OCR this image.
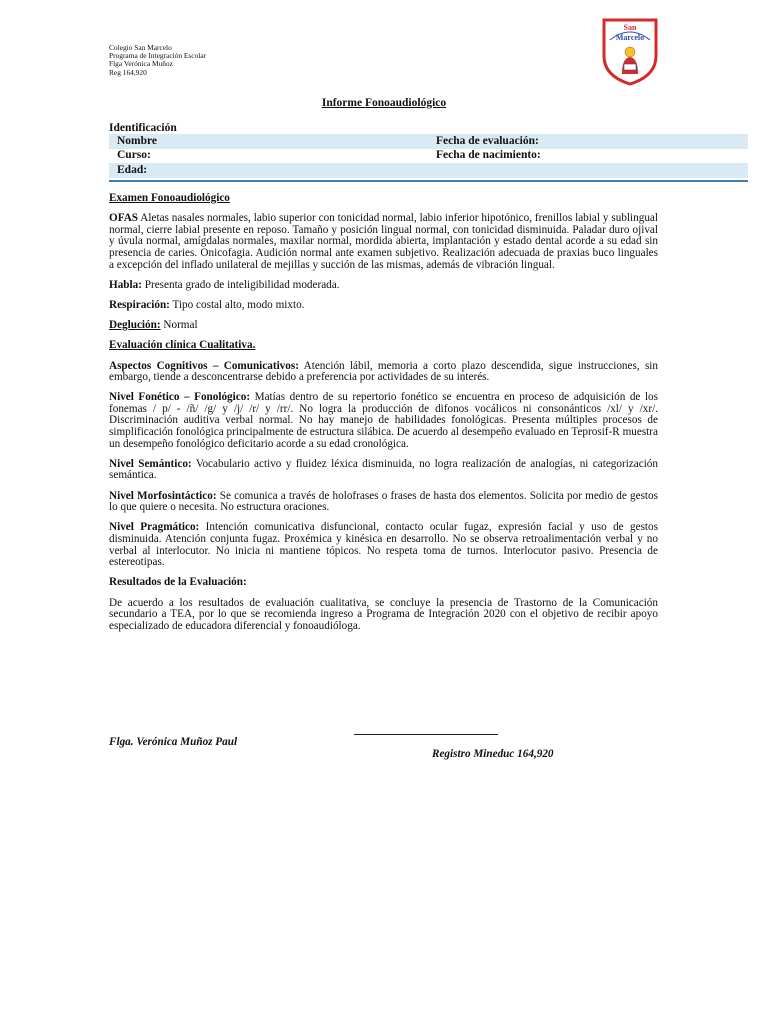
Colegio San Marcelo
Programa de Integración Escolar
Flga Verónica Muñoz
Reg 164,920
San
Marcelo
Informe Fonoaudiológico
Identificación
Nombre	Fecha de evaluación:
Curso:	Fecha de nacimiento:
Edad:

Examen Fonoaudiológico

OFAS Aletas nasales normales, labio superior con tonicidad normal, labio inferior hipotónico, frenillos labial y sublingual normal, cierre labial presente en reposo. Tamaño y posición lingual normal, con tonicidad disminuida. Paladar duro ojival y úvula normal, amígdalas normales, maxilar normal, mordida abierta, implantación y estado dental acorde a su edad sin presencia de caries. Onicofagia. Audición normal ante examen subjetivo. Realización adecuada de praxias buco linguales a excepción del inflado unilateral de mejillas y succión de las mismas, además de vibración lingual.

Habla: Presenta grado de inteligibilidad moderada.

Respiración: Tipo costal alto, modo mixto.

Deglución: Normal

Evaluación clínica Cualitativa.

Aspectos Cognitivos – Comunicativos: Atención lábil, memoria a corto plazo descendida, sigue instrucciones, sin embargo, tiende a desconcentrarse debido a preferencia por actividades de su interés.

Nivel Fonético – Fonológico: Matías dentro de su repertorio fonético se encuentra en proceso de adquisición de los fonemas / p/ - /ñ/ /g/ y /j/ /r/ y /rr/. No logra la producción de difonos vocálicos ni consonánticos /xl/ y /xr/. Discriminación auditiva verbal normal. No hay manejo de habilidades fonológicas. Presenta múltiples procesos de simplificación fonológica principalmente de estructura silábica. De acuerdo al desempeño evaluado en Teprosif-R muestra un desempeño fonológico deficitario acorde a su edad cronológica.

Nivel Semántico: Vocabulario activo y fluidez léxica disminuida, no logra realización de analogías, ni categorización semántica.

Nivel Morfosintáctico: Se comunica a través de holofrases o frases de hasta dos elementos. Solicita por medio de gestos lo que quiere o necesita. No estructura oraciones.

Nivel Pragmático: Intención comunicativa disfuncional, contacto ocular fugaz, expresión facial y uso de gestos disminuida. Atención conjunta fugaz. Proxémica y kinésica en desarrollo. No se observa retroalimentación verbal y no verbal al interlocutor. No inicia ni mantiene tópicos. No respeta toma de turnos. Interlocutor pasivo. Presencia de estereotipas.

Resultados de la Evaluación:

De acuerdo a los resultados de evaluación cualitativa, se concluye la presencia de Trastorno de la Comunicación secundario a TEA, por lo que se recomienda ingreso a Programa de Integración 2020 con el objetivo de recibir apoyo especializado de educadora diferencial y fonoaudióloga.

Flga. Verónica Muñoz Paul
Registro Mineduc 164,920
